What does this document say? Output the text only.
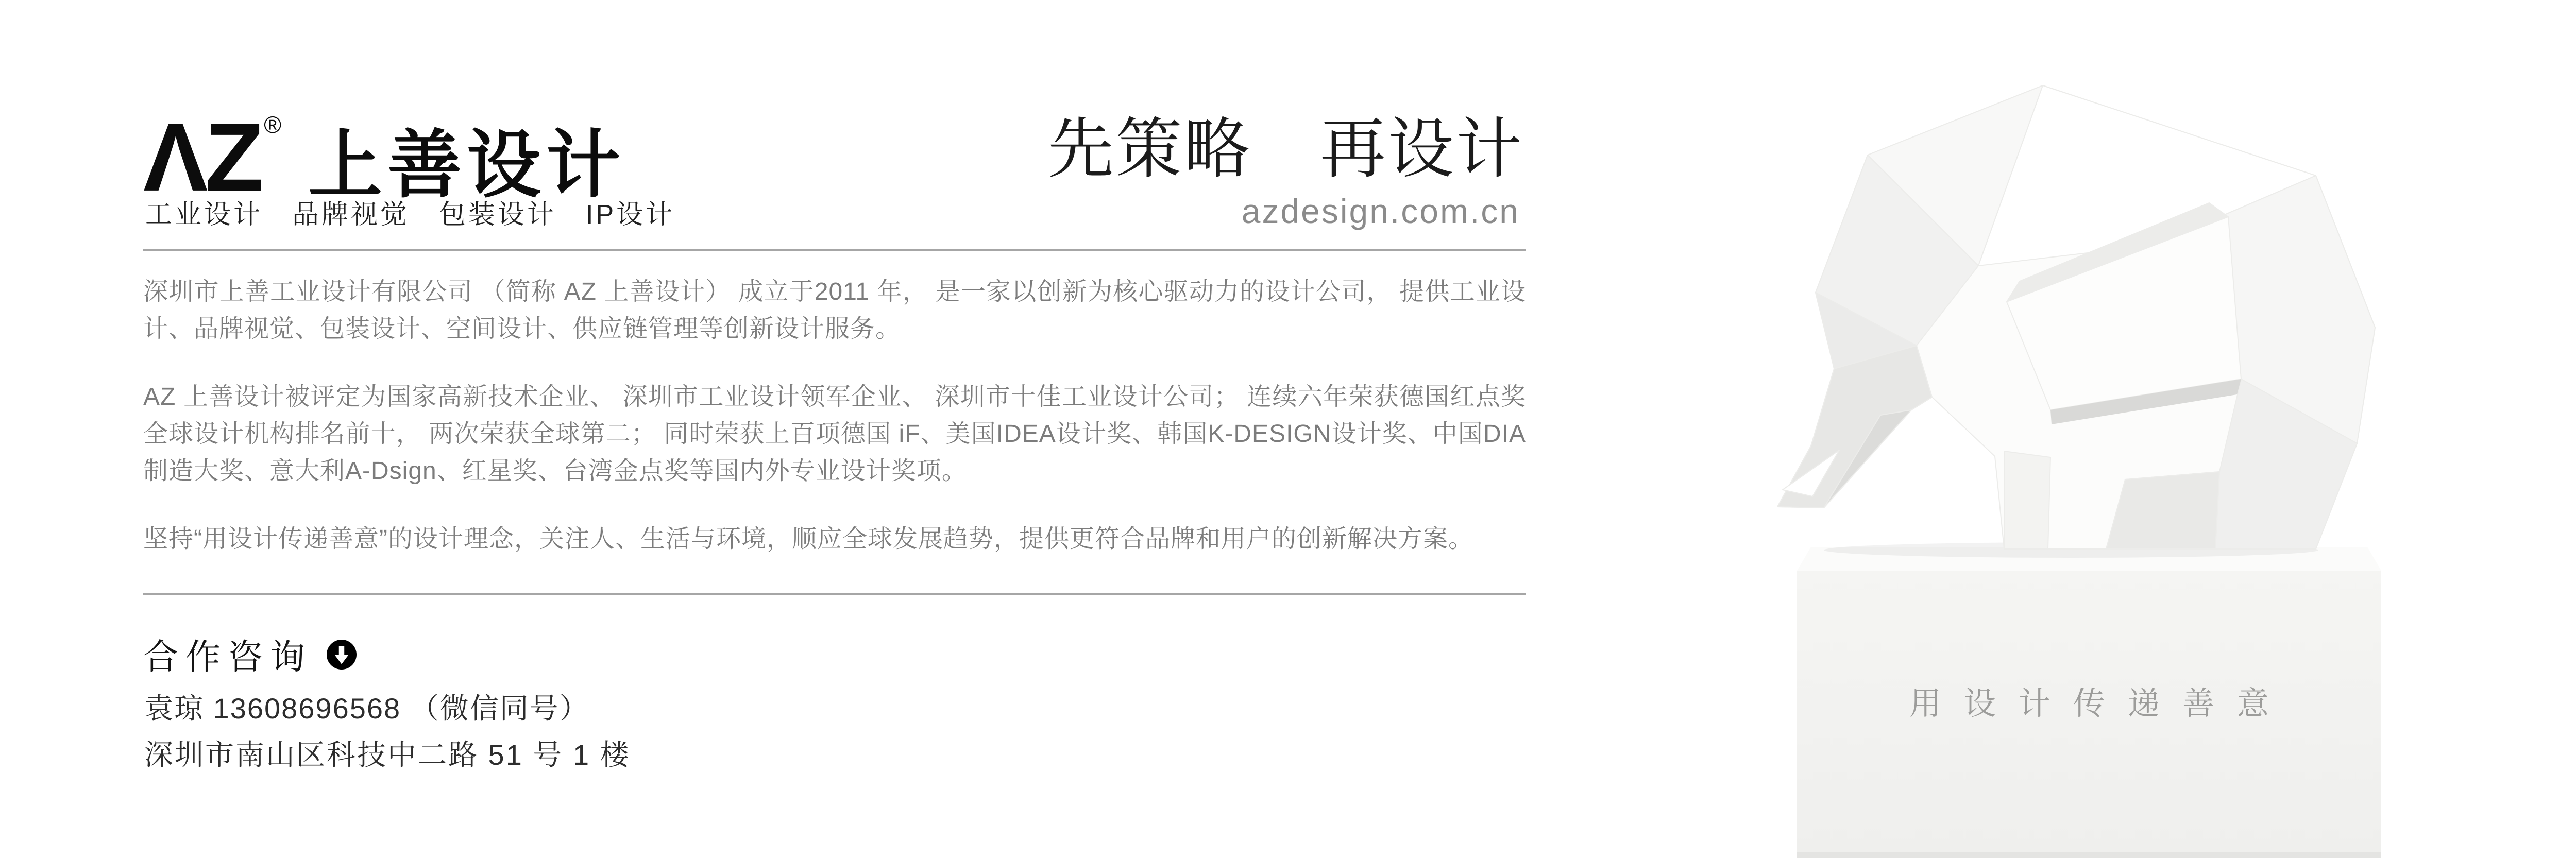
ΛZ ® 上善设计
工业设计　品牌视觉　包装设计　IP设计
先策略　再设计
azdesign.com.cn

深圳市上善工业设计有限公司 （简称 AZ 上善设计） 成立于2011 年， 是一家以创新为核心驱动力的设计公司， 提供工业设计、品牌视觉、包装设计、空间设计、供应链管理等创新设计服务。

AZ 上善设计被评定为国家高新技术企业、 深圳市工业设计领军企业、 深圳市十佳工业设计公司； 连续六年荣获德国红点奖全球设计机构排名前十， 两次荣获全球第二； 同时荣获上百项德国 iF、美国IDEA设计奖、韩国K-DESIGN设计奖、中国DIA制造大奖、意大利A-Dsign、红星奖、台湾金点奖等国内外专业设计奖项。

坚持“用设计传递善意”的设计理念，关注人、生活与环境，顺应全球发展趋势，提供更符合品牌和用户的创新解决方案。

合作咨询
袁琼 13608696568 （微信同号）
深圳市南山区科技中二路 51 号 1 楼
用设计传递善意
